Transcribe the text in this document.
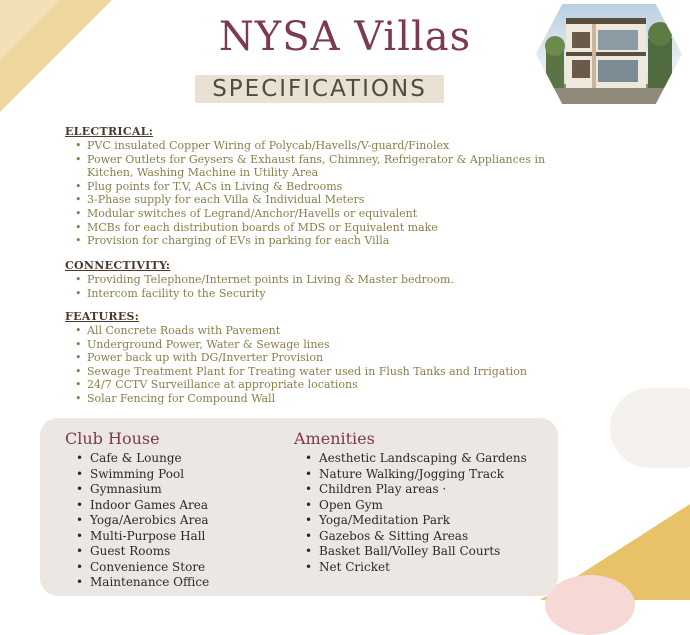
NYSA Villas
SPECIFICATIONS
ELECTRICAL:
• PVC insulated Copper Wiring of Polycab/Havells/V-guard/Finolex
• Power Outlets for Geysers & Exhaust fans, Chimney, Refrigerator & Appliances in Kitchen, Washing Machine in Utility Area
• Plug points for T.V, ACs in Living & Bedrooms
• 3-Phase supply for each Villa & Individual Meters
• Modular switches of Legrand/Anchor/Havells or equivalent
• MCBs for each distribution boards of MDS or Equivalent make
• Provision for charging of EVs in parking for each Villa
CONNECTIVITY:
• Providing Telephone/Internet points in Living & Master bedroom.
• Intercom facility to the Security
FEATURES:
• All Concrete Roads with Pavement
• Underground Power, Water & Sewage lines
• Power back up with DG/Inverter Provision
• Sewage Treatment Plant for Treating water used in Flush Tanks and Irrigation
• 24/7 CCTV Surveillance at appropriate locations
• Solar Fencing for Compound Wall
Club House
• Cafe & Lounge
• Swimming Pool
• Gymnasium
• Indoor Games Area
• Yoga/Aerobics Area
• Multi-Purpose Hall
• Guest Rooms
• Convenience Store
• Maintenance Office
Amenities
• Aesthetic Landscaping & Gardens
• Nature Walking/Jogging Track
• Children Play areas ·
• Open Gym
• Yoga/Meditation Park
• Gazebos & Sitting Areas
• Basket Ball/Volley Ball Courts
• Net Cricket
